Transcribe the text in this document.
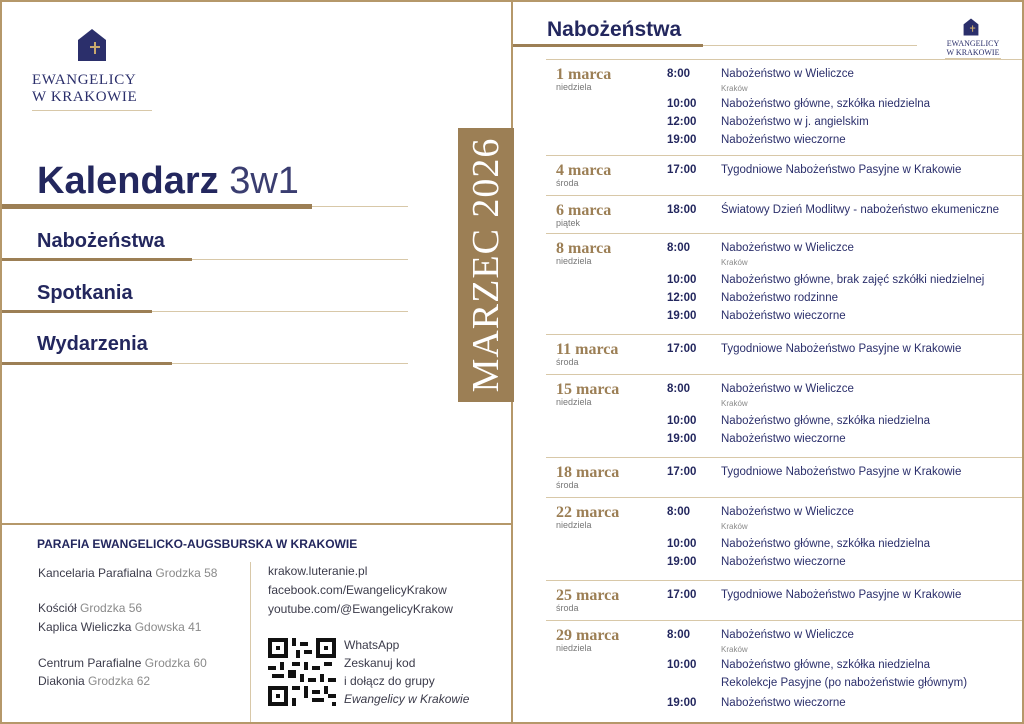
EWANGELICY
W KRAKOWIE
Kalendarz 3w1
Nabożeństwa
Spotkania
Wydarzenia	MARZEC 2026
PARAFIA EWANGELICKO-AUGSBURSKA W KRAKOWIE
Kancelaria Parafialna Grodzka 58
Kościół Grodzka 56
Kaplica Wieliczka Gdowska 41
Centrum Parafialne Grodzka 60
Diakonia Grodzka 62
krakow.luteranie.pl
facebook.com/EwangelicyKrakow
youtube.com/@EwangelicyKrakow
WhatsApp
Zeskanuj kod
i dołącz do grupy
Ewangelicy w Krakowie
Nabożeństwa
EWANGELICY
W KRAKOWIE
1 marca
niedziela
8:00	Nabożeństwo w Wieliczce
Kraków
10:00 Nabożeństwo główne, szkółka niedzielna
12:00 Nabożeństwo w j. angielskim
19:00 Nabożeństwo wieczorne
4 marca
środa
17:00 Tygodniowe Nabożeństwo Pasyjne w Krakowie
6 marca
piątek
18:00 Światowy Dzień Modlitwy - nabożeństwo ekumeniczne
8 marca
niedziela
8:00	Nabożeństwo w Wieliczce
Kraków
10:00 Nabożeństwo główne, brak zajęć szkółki niedzielnej
12:00 Nabożeństwo rodzinne
19:00 Nabożeństwo wieczorne
11 marca
środa
17:00 Tygodniowe Nabożeństwo Pasyjne w Krakowie
15 marca
niedziela
8:00	Nabożeństwo w Wieliczce
Kraków
10:00 Nabożeństwo główne, szkółka niedzielna
19:00 Nabożeństwo wieczorne
18 marca
środa
17:00 Tygodniowe Nabożeństwo Pasyjne w Krakowie
22 marca
niedziela
8:00	Nabożeństwo w Wieliczce
Kraków
10:00 Nabożeństwo główne, szkółka niedzielna
19:00 Nabożeństwo wieczorne
25 marca
środa
17:00 Tygodniowe Nabożeństwo Pasyjne w Krakowie
29 marca
niedziela
8:00	Nabożeństwo w Wieliczce
Kraków
10:00 Nabożeństwo główne, szkółka niedzielna
Rekolekcje Pasyjne (po nabożeństwie głównym)
19:00 Nabożeństwo wieczorne
